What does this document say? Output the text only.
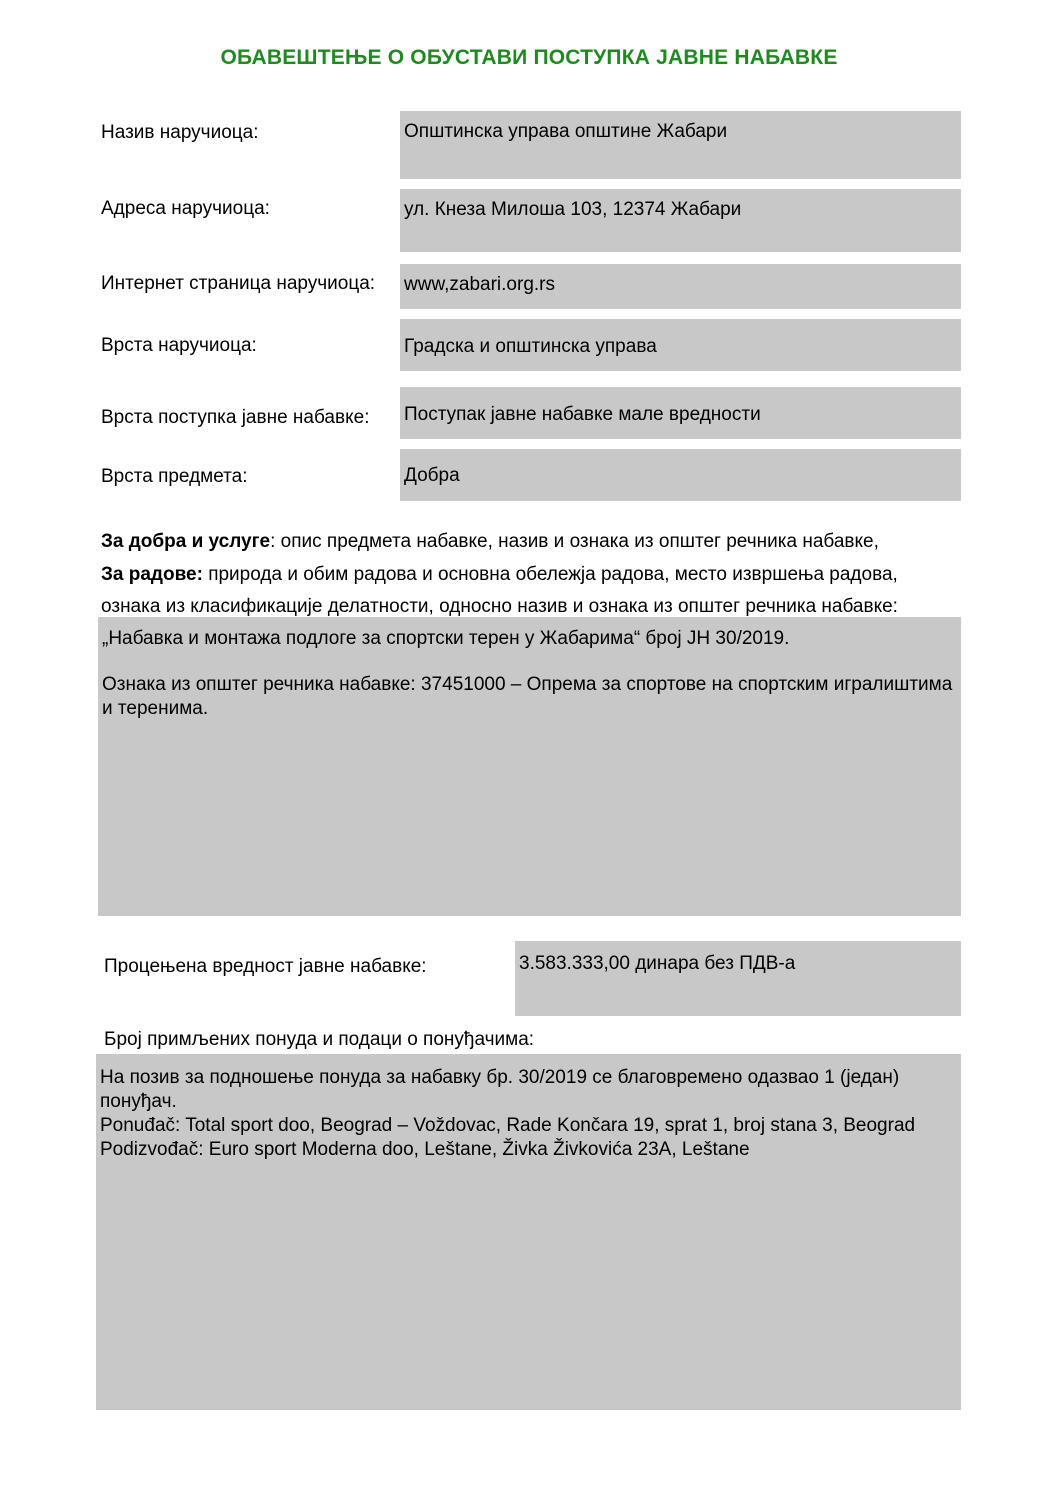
ОБАВЕШТЕЊЕ О ОБУСТАВИ ПОСТУПКА ЈАВНЕ НАБАВКЕ
Назив наручиоца:	Општинска управа општине Жабари
Адреса наручиоца:	ул. Кнеза Милоша 103, 12374 Жабари
Интернет страница наручиоца: www,zabari.org.rs
Врста наручиоца:	Градска и општинска управа
Врста поступка јавне набавке: Поступак јавне набавке мале вредности
Врста предмета:	Добра
За добра и услуге: опис предмета набавке, назив и ознака из општег речника набавке,
За радове: природа и обим радова и основна обележја радова, место извршења радова,
ознака из класификације делатности, односно назив и ознака из општег речника набавке:
„Набавка и монтажа подлоге за спортски терен у Жабарима“ број ЈН 30/2019.
Ознака из општег речника набавке: 37451000 – Опрема за спортове на спортским игралиштима и теренима.
Процењена вредност јавне набавке:	3.583.333,00 динара без ПДВ-а
Број примљених понуда и подаци о понуђачима:
На позив за подношење понуда за набавку бр. 30/2019 се благовремено одазвао 1 (један) понуђач.
Ponuđač: Total sport doo, Beograd – Voždovac, Rade Končara 19, sprat 1, broj stana 3, Beograd
Podizvođač: Euro sport Moderna doo, Leštane, Živka Živkovića 23A, Leštane
